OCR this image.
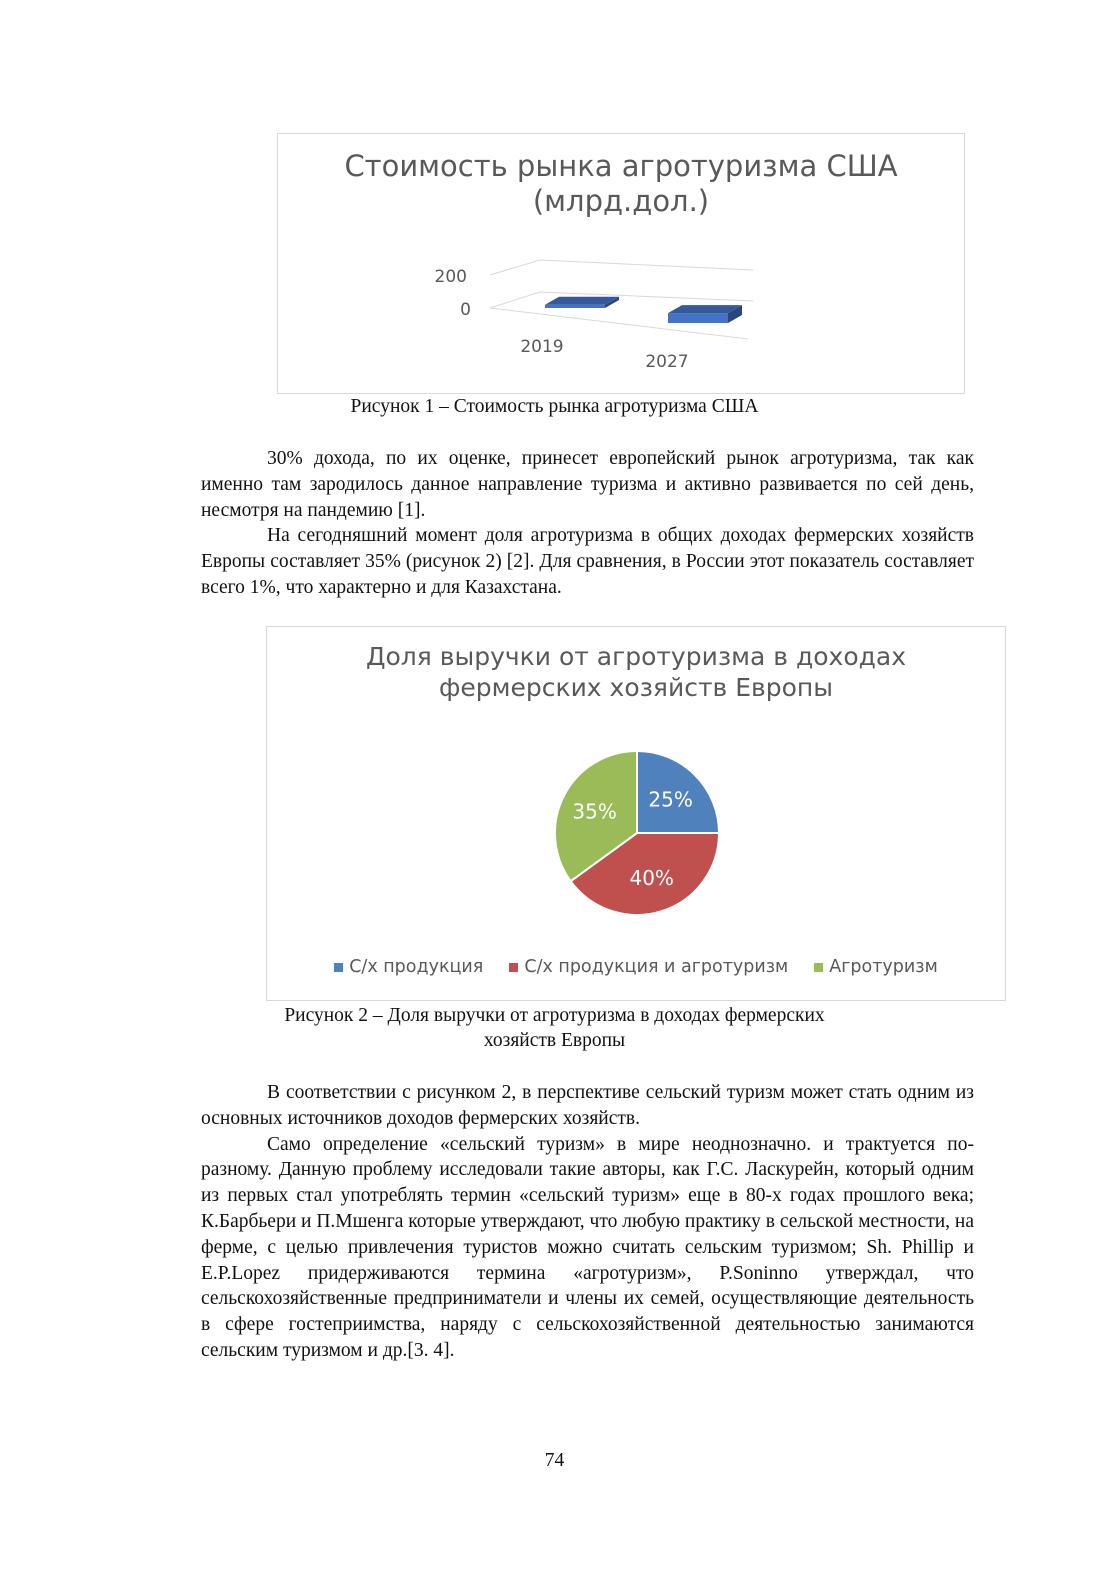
Стоимость рынка агротуризма США
(млрд.дол.)
200
0
2019
2027
Рисунок 1 – Стоимость рынка агротуризма США

30% дохода, по их оценке, принесет европейский рынок агротуризма, так как именно там зародилось данное направление туризма и активно развивается по сей день, несмотря на пандемию [1].

На сегодняшний момент доля агротуризма в общих доходах фермерских хозяйств Европы составляет 35% (рисунок 2) [2]. Для сравнения, в России этот показатель составляет всего 1%, что характерно и для Казахстана.

Доля выручки от агротуризма в доходах
фермерских хозяйств Европы
25%
40%
35%
С/х продукция С/х продукция и агротуризм Агротуризм
Рисунок 2 – Доля выручки от агротуризма в доходах фермерских
хозяйств Европы

В соответствии с рисунком 2, в перспективе сельский туризм может стать одним из основных источников доходов фермерских хозяйств.

Само определение «сельский туризм» в мире неоднозначно. и трактуется по-разному. Данную проблему исследовали такие авторы, как Г.С. Ласкурейн, который одним из первых стал употреблять термин «сельский туризм» еще в 80-х годах прошлого века; К.Барбьери и П.Мшенга которые утверждают, что любую практику в сельской местности, на ферме, с целью привлечения туристов можно считать сельским туризмом; Sh. Phillip и E.P.Lopez придерживаются термина «агротуризм», P.Soninno утверждал, что сельскохозяйственные предприниматели и члены их семей, осуществляющие деятельность в сфере гостеприимства, наряду с сельскохозяйственной деятельностью занимаются сельским туризмом и др.[3. 4].

74
